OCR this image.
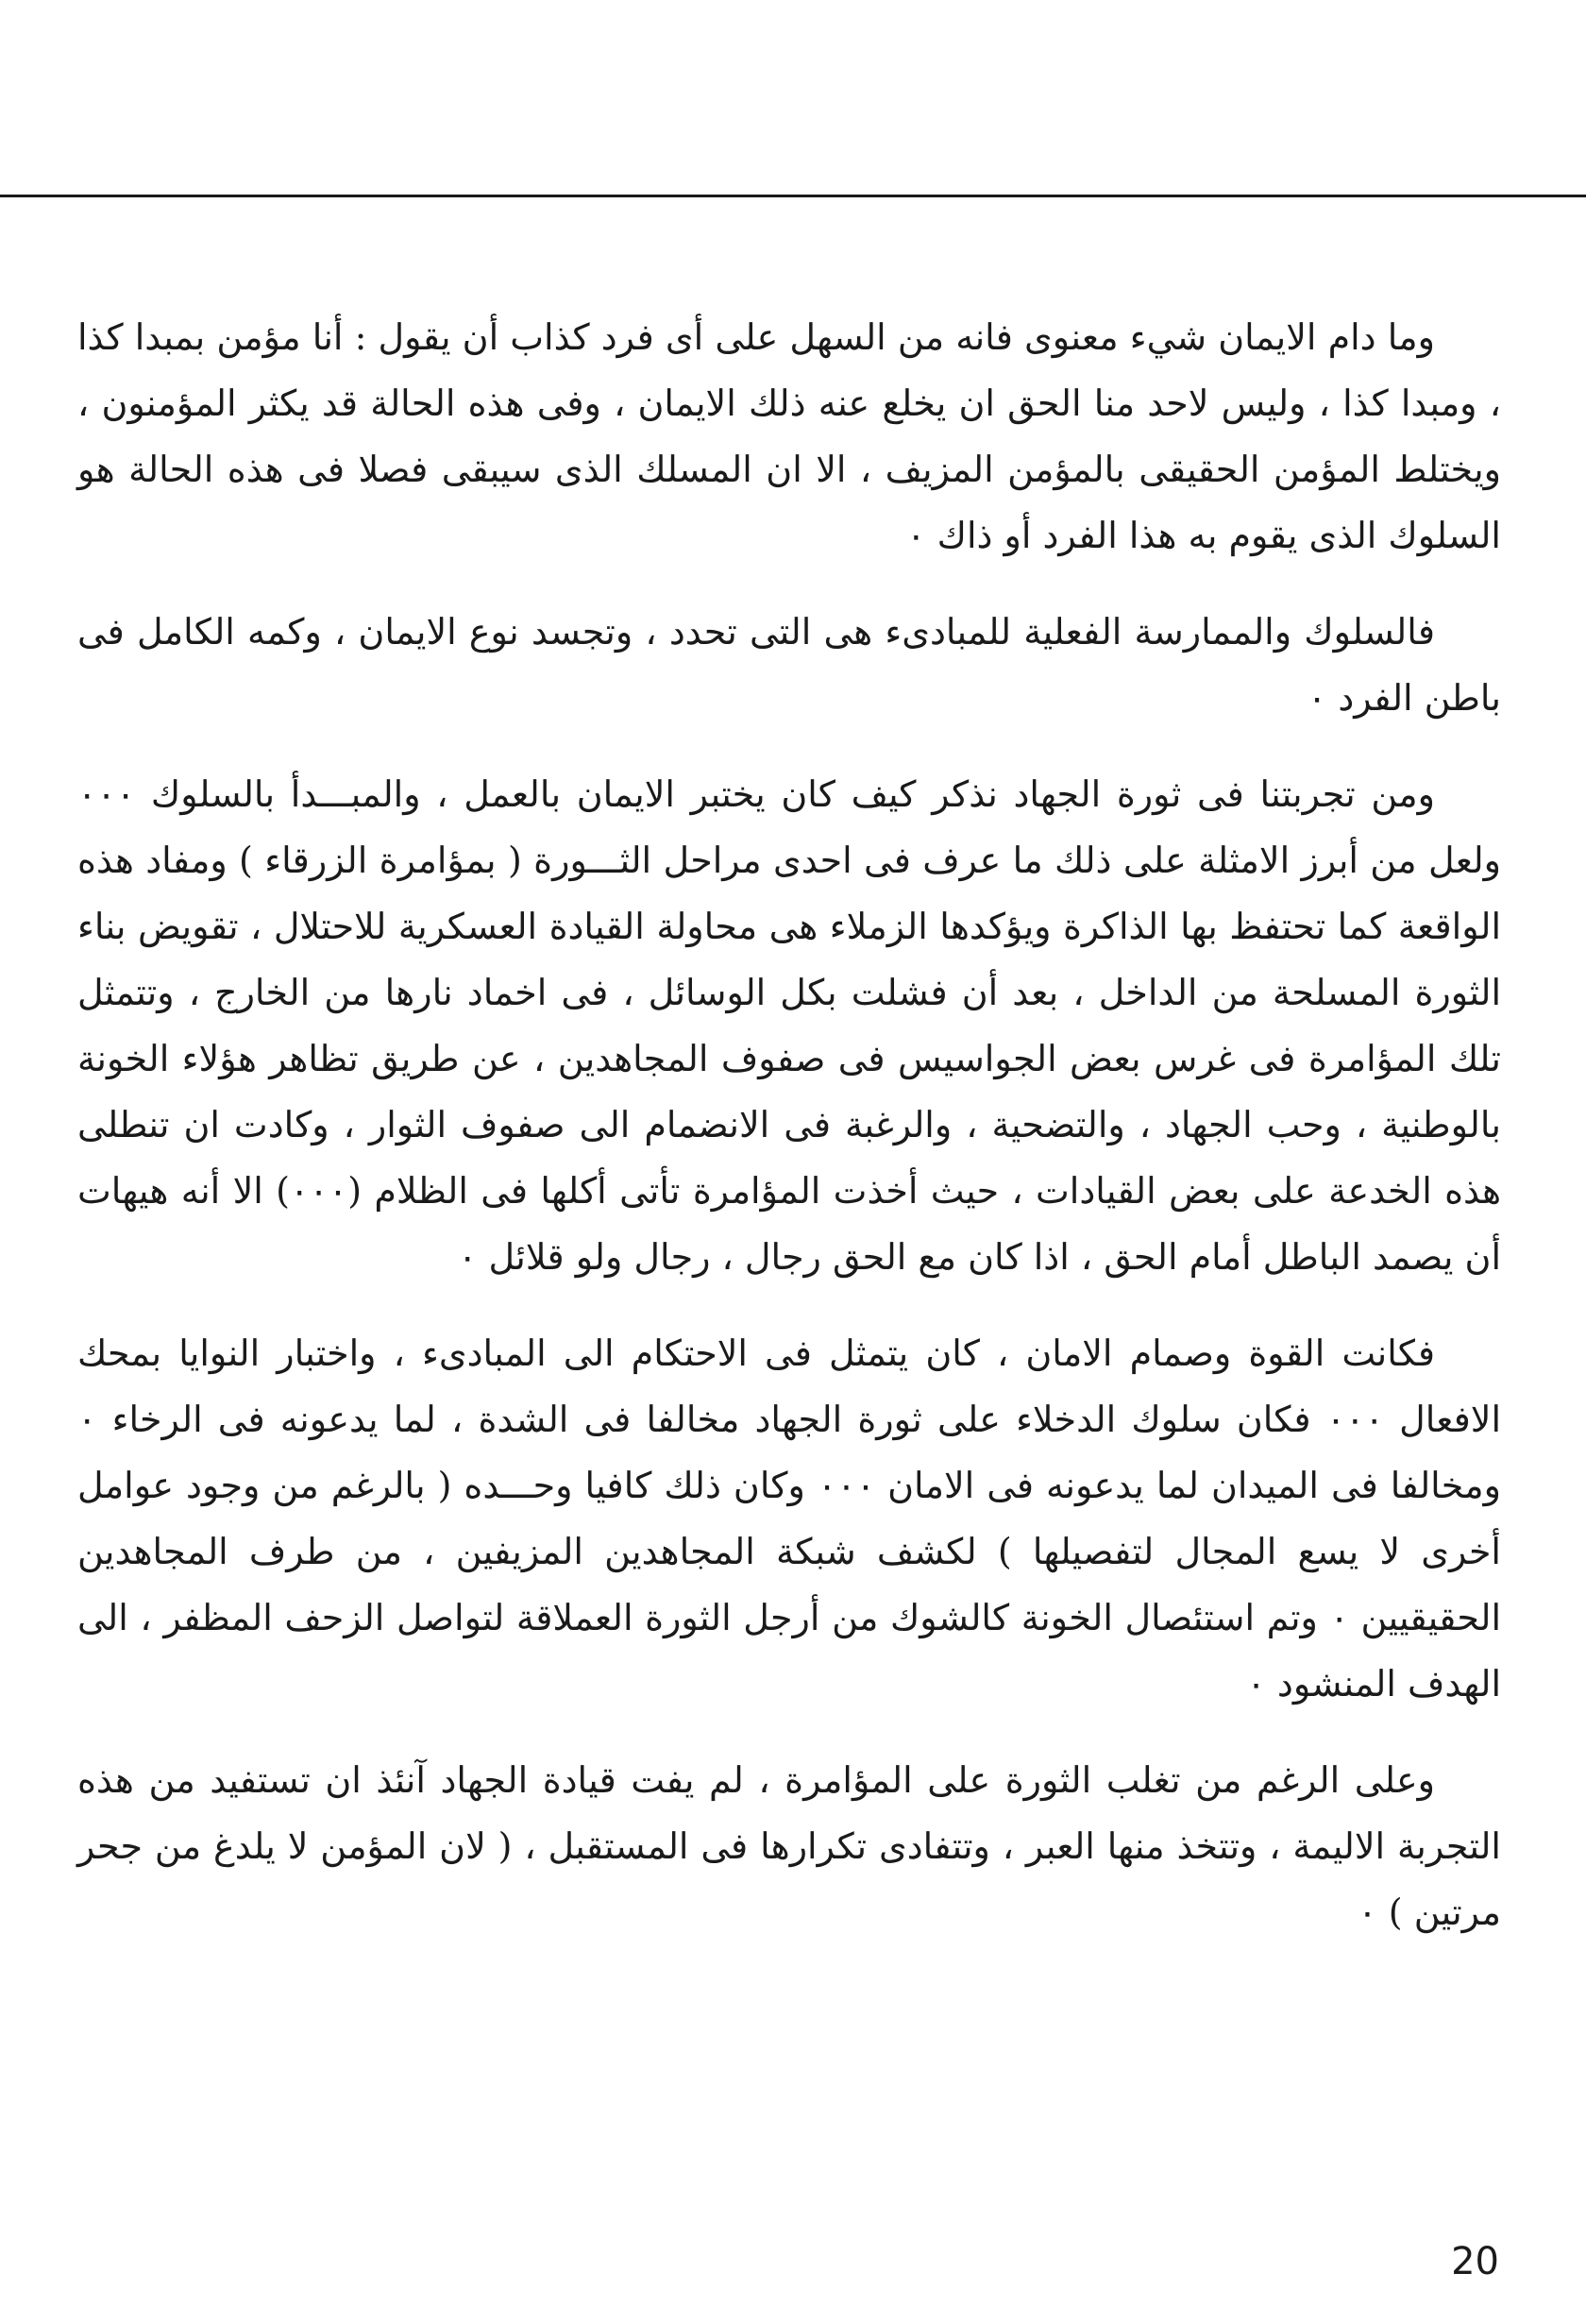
وما دام الايمان شيء معنوى فانه من السهل على أى فرد كذاب أن يقول : أنا مؤمن بمبدا كذا ، ومبدا كذا ، وليس لاحد منا الحق ان يخلع عنه ذلك الايمان ، وفى هذه الحالة قد يكثر المؤمنون ، ويختلط المؤمن الحقيقى بالمؤمن المزيف ، الا ان المسلك الذى سيبقى فصلا فى هذه الحالة هو السلوك الذى يقوم به هذا الفرد أو ذاك ٠

فالسلوك والممارسة الفعلية للمبادىء هى التى تحدد ، وتجسد نوع الايمان ، وكمه الكامل فى باطن الفرد ٠

ومن تجربتنا فى ثورة الجهاد نذكر كيف كان يختبر الايمان بالعمل ، والمبـــدأ بالسلوك ٠٠٠ ولعل من أبرز الامثلة على ذلك ما عرف فى احدى مراحل الثـــورة ( بمؤامرة الزرقاء ) ومفاد هذه الواقعة كما تحتفظ بها الذاكرة ويؤكدها الزملاء هى محاولة القيادة العسكرية للاحتلال ، تقويض بناء الثورة المسلحة من الداخل ، بعد أن فشلت بكل الوسائل ، فى اخماد نارها من الخارج ، وتتمثل تلك المؤامرة فى غرس بعض الجواسيس فى صفوف المجاهدين ، عن طريق تظاهر هؤلاء الخونة بالوطنية ، وحب الجهاد ، والتضحية ، والرغبة فى الانضمام الى صفوف الثوار ، وكادت ان تنطلى هذه الخدعة على بعض القيادات ، حيث أخذت المؤامرة تأتى أكلها فى الظلام (٠٠٠) الا أنه هيهات أن يصمد الباطل أمام الحق ، اذا كان مع الحق رجال ، رجال ولو قلائل ٠

فكانت القوة وصمام الامان ، كان يتمثل فى الاحتكام الى المبادىء ، واختبار النوايا بمحك الافعال ٠٠٠ فكان سلوك الدخلاء على ثورة الجهاد مخالفا فى الشدة ، لما يدعونه فى الرخاء ٠ ومخالفا فى الميدان لما يدعونه فى الامان ٠٠٠ وكان ذلك كافيا وحـــده ( بالرغم من وجود عوامل أخرى لا يسع المجال لتفصيلها ) لكشف شبكة المجاهدين المزيفين ، من طرف المجاهدين الحقيقيين ٠ وتم استئصال الخونة كالشوك من أرجل الثورة العملاقة لتواصل الزحف المظفر ، الى الهدف المنشود ٠

وعلى الرغم من تغلب الثورة على المؤامرة ، لم يفت قيادة الجهاد آنئذ ان تستفيد من هذه التجربة الاليمة ، وتتخذ منها العبر ، وتتفادى تكرارها فى المستقبل ، ( لان المؤمن لا يلدغ من جحر مرتين ) ٠

20
